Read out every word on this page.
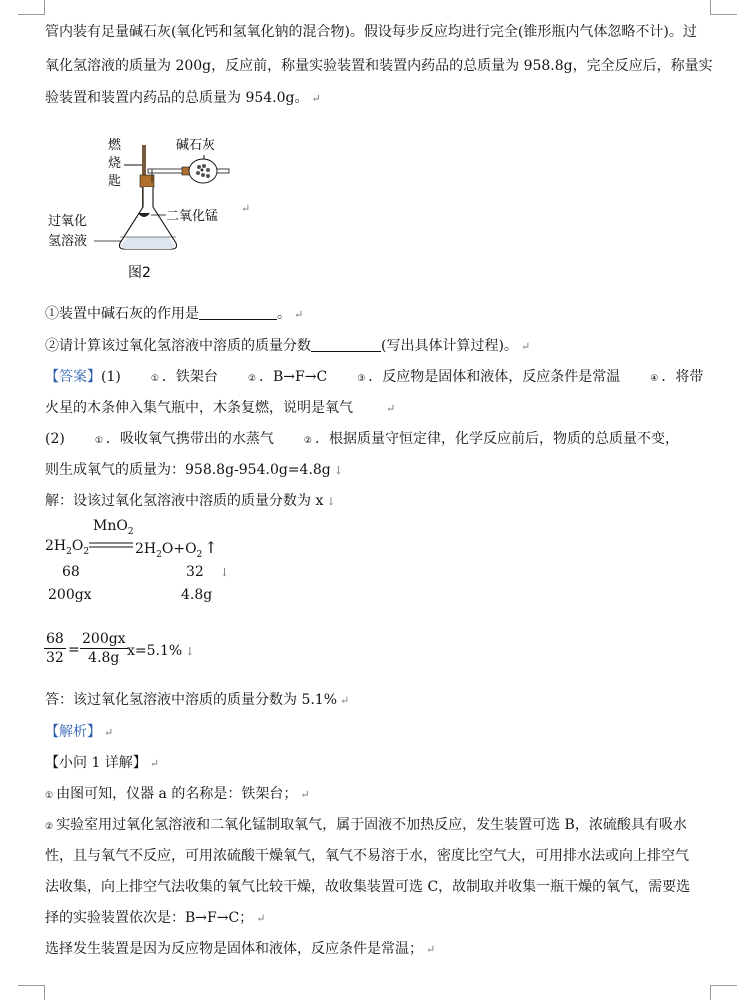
管内装有足量碱石灰(氧化钙和氢氧化钠的混合物)。假设每步反应均进行完全(锥形瓶内气体忽略不计)。过
氧化氢溶液的质量为 200g，反应前，称量实验装置和装置内药品的总质量为 958.8g，完全反应后，称量实
验装置和装置内药品的总质量为 954.0g。 ↵
燃
烧
匙
碱石灰
二氧化锰
过氧化
氢溶液
图2
↵
①装置中碱石灰的作用是	。 ↵
②请计算该过氧化氢溶液中溶质的质量分数	(写出具体计算过程)。 ↵
【答案】(1)	① ．铁架台	② ．B→F→C	③ ．反应物是固体和液体，反应条件是常温	④ ．将带
火星的木条伸入集气瓶中，木条复燃，说明是氧气	↵
(2)	① ．吸收氧气携带出的水蒸气	② ．根据质量守恒定律，化学反应前后，物质的总质量不变，
则生成氧气的质量为：958.8g-954.0g=4.8g ↓
解：设该过氧化氢溶液中溶质的质量分数为 x ↓
MnO$_2$
$2H_2O_2$	$2H_2O+O_2$ ↑
68	32 ↓
200gx	4.8g
$\frac{68}{32} = \frac{200gx}{4.8g} x=5.1\%$ ↓
答：该过氧化氢溶液中溶质的质量分数为 5.1% ↵
【解析】 ↵
【小问 1 详解】 ↵
① 由图可知，仪器 a 的名称是：铁架台； ↵
② 实验室用过氧化氢溶液和二氧化锰制取氧气，属于固液不加热反应，发生装置可选 B，浓硫酸具有吸水
性，且与氧气不反应，可用浓硫酸干燥氧气，氧气不易溶于水，密度比空气大，可用排水法或向上排空气
法收集，向上排空气法收集的氧气比较干燥，故收集装置可选 C，故制取并收集一瓶干燥的氧气，需要选
择的实验装置依次是：B→F→C； ↵
选择发生装置是因为反应物是固体和液体，反应条件是常温； ↵
